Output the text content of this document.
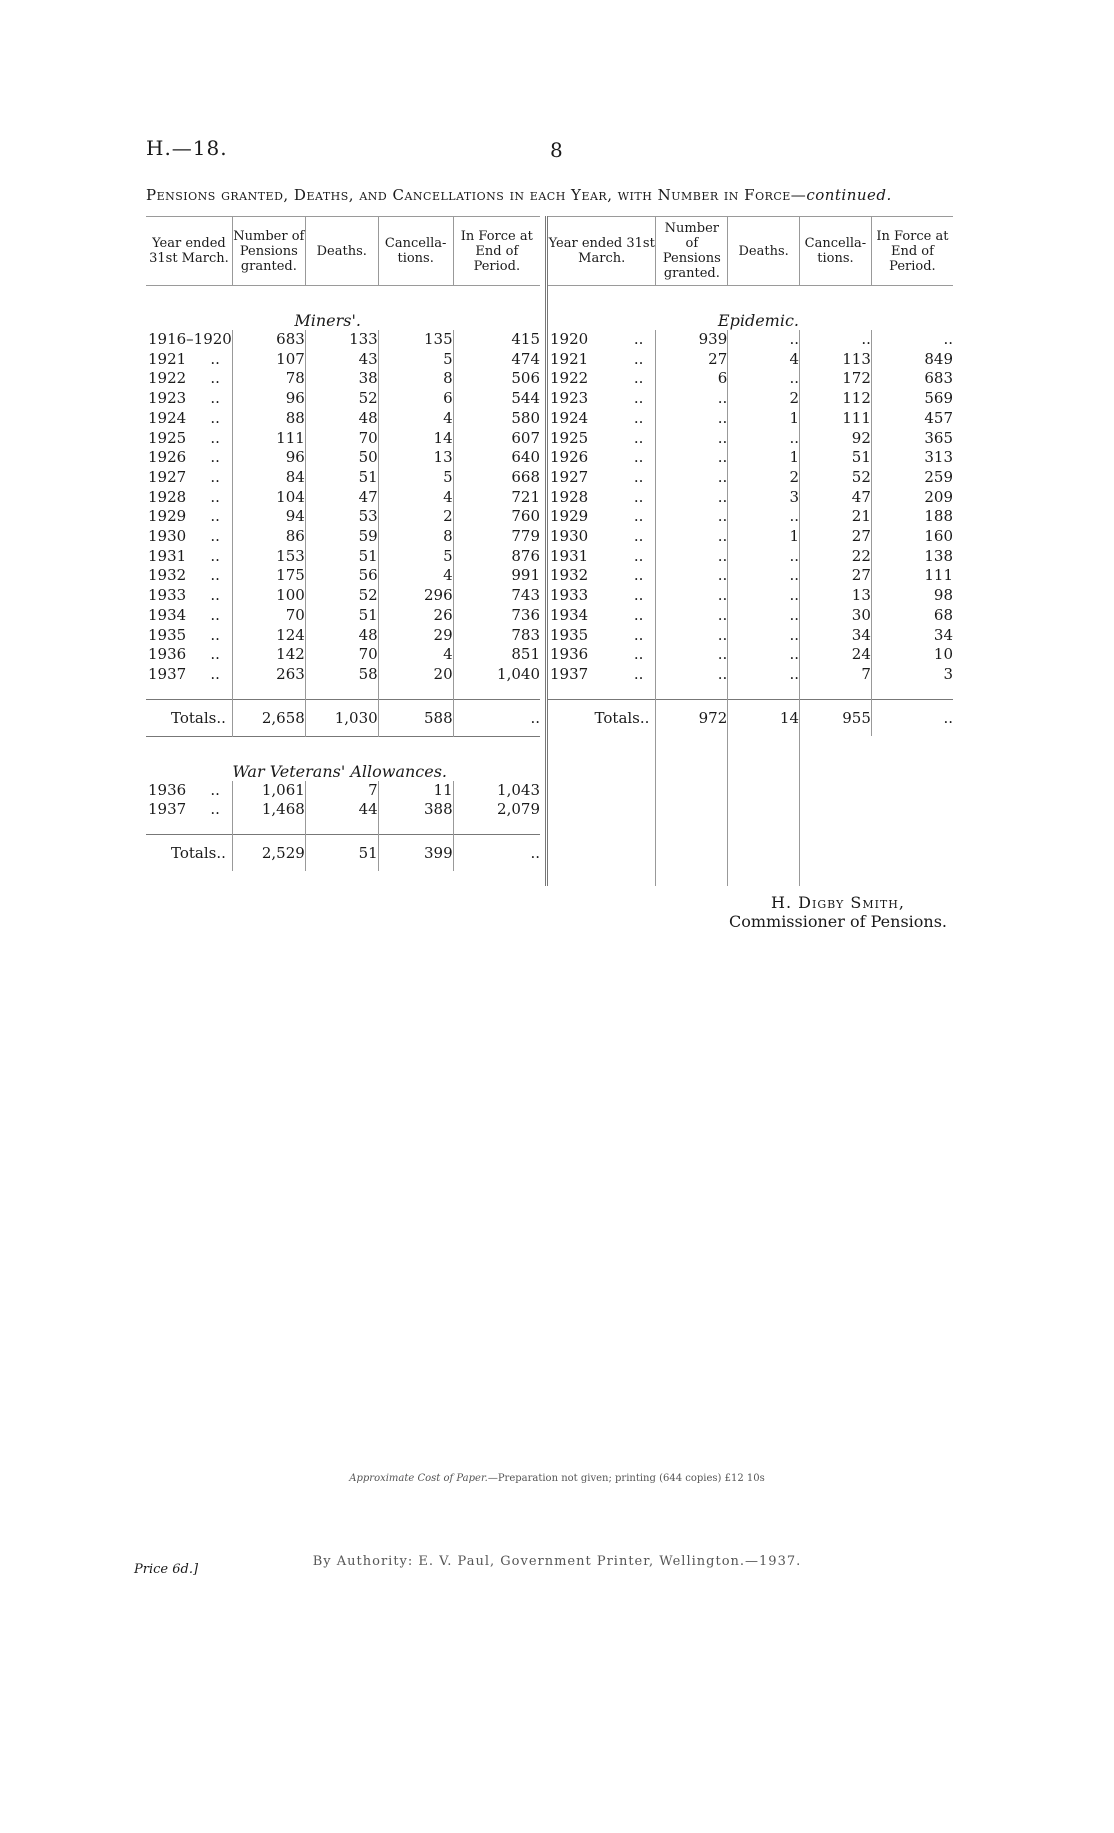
H.—18.	8
Pensions granted, Deaths, and Cancellations in each Year, with Number in Force—continued.
Year ended 31st March.	Number of Pensions granted.	Deaths.	Cancella- tions.	In Force at End of Period.
	Miners'.			
1916–1920	683	133	135	415
1921 ..	107	43	5	474
1922 ..	78	38	8	506
1923 ..	96	52	6	544
1924 ..	88	48	4	580
1925 ..	111	70	14	607
1926 ..	96	50	13	640
1927 ..	84	51	5	668
1928 ..	104	47	4	721
1929 ..	94	53	2	760
1930 ..	86	59	8	779
1931 ..	153	51	5	876
1932 ..	175	56	4	991
1933 ..	100	52	296	743
1934 ..	70	51	26	736
1935 ..	124	48	29	783
1936 ..	142	70	4	851
1937 ..	263	58	20	1,040

Totals..	2,658	1,030	588	..
	War Veterans' Allowances.			
1936 ..	1,061	7	11	1,043
1937 ..	1,468	44	388	2,079

Totals..	2,529	51	399	..

Year ended 31st March.	Number of Pensions granted.	Deaths.	Cancella- tions.	In Force at End of Period.
	Epidemic.			
1920 ..	939	..	..	..
1921 ..	27	4	113	849
1922 ..	6	..	172	683
1923 ..	..	2	112	569
1924 ..	..	1	111	457
1925 ..	..	..	92	365
1926 ..	..	1	51	313
1927 ..	..	2	52	259
1928 ..	..	3	47	209
1929 ..	..	..	21	188
1930 ..	..	1	27	160
1931 ..	..	..	22	138
1932 ..	..	..	27	111
1933 ..	..	..	13	98
1934 ..	..	..	30	68
1935 ..	..	..	34	34
1936 ..	..	..	24	10
1937 ..	..	..	7	3

Totals..	972	14	955	..

H. Digby Smith,
Commissioner of Pensions.
Approximate Cost of Paper.—Preparation not given; printing (644 copies) £12 10s
By Authority: E. V. Paul, Government Printer, Wellington.—1937.
Price 6d.]
